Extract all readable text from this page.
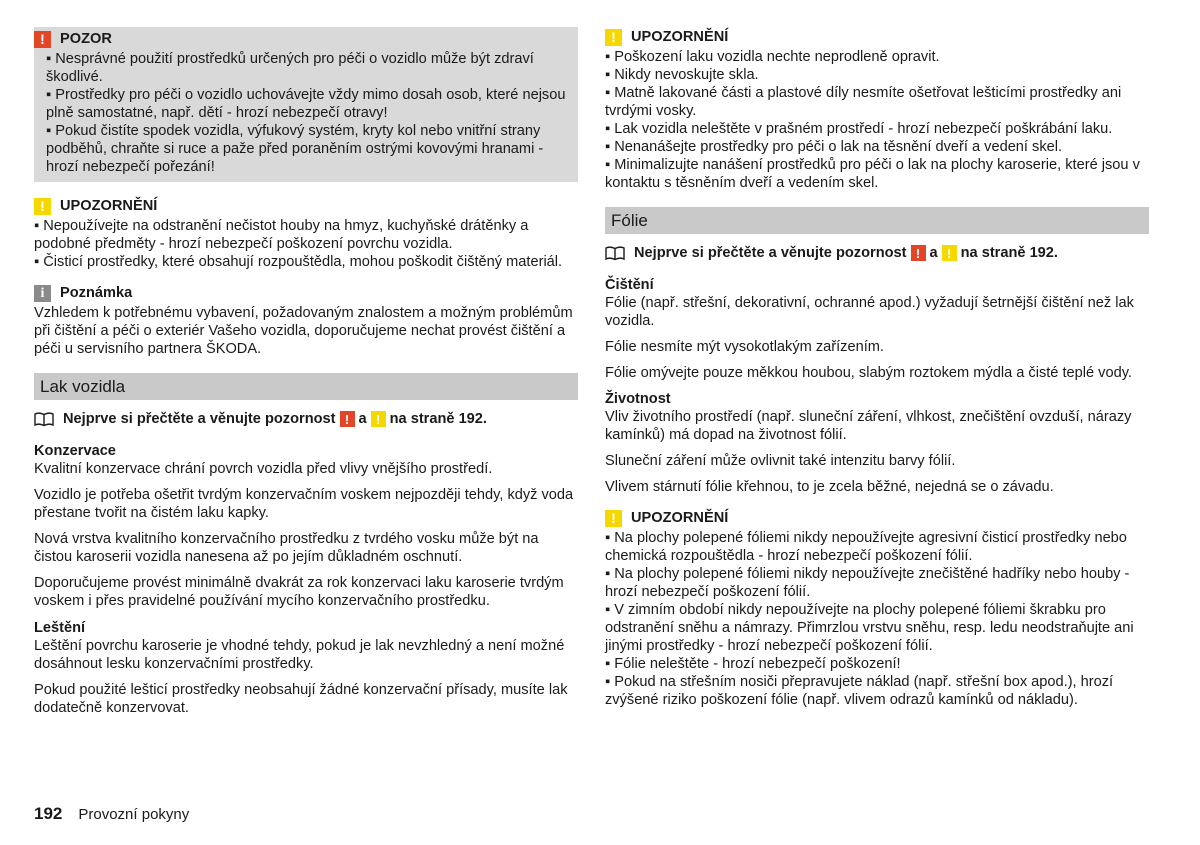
!	POZOR
▪ Nesprávné použití prostředků určených pro péči o vozidlo může být zdraví škodlivé.
▪ Prostředky pro péči o vozidlo uchovávejte vždy mimo dosah osob, které nejsou plně samostatné, např. dětí - hrozí nebezpečí otravy!
▪ Pokud čistíte spodek vozidla, výfukový systém, kryty kol nebo vnitřní strany podběhů, chraňte si ruce a paže před poraněním ostrými kovovými hranami - hrozí nebezpečí pořezání!
!	UPOZORNĚNÍ
▪ Nepoužívejte na odstranění nečistot houby na hmyz, kuchyňské drátěnky a podobné předměty - hrozí nebezpečí poškození povrchu vozidla.
▪ Čisticí prostředky, které obsahují rozpouštědla, mohou poškodit čištěný materiál.
i	Poznámka

Vzhledem k potřebnému vybavení, požadovaným znalostem a možným problémům při čištění a péči o exteriér Vašeho vozidla, doporučujeme nechat provést čištění a péči u servisního partnera ŠKODA.

Lak vozidla
Nejprve si přečtěte a věnujte pozornost ! a ! na straně 192.

Konzervace

Kvalitní konzervace chrání povrch vozidla před vlivy vnějšího prostředí.

Vozidlo je potřeba ošetřit tvrdým konzervačním voskem nejpozději tehdy, když voda přestane tvořit na čistém laku kapky.

Nová vrstva kvalitního konzervačního prostředku z tvrdého vosku může být na čistou karoserii vozidla nanesena až po jejím důkladném oschnutí.

Doporučujeme provést minimálně dvakrát za rok konzervaci laku karoserie tvrdým voskem i přes pravidelné používání mycího konzervačního prostředku.

Leštění

Leštění povrchu karoserie je vhodné tehdy, pokud je lak nevzhledný a není možné dosáhnout lesku konzervačními prostředky.

Pokud použité lešticí prostředky neobsahují žádné konzervační přísady, musíte lak dodatečně konzervovat.

!	UPOZORNĚNÍ
▪ Poškození laku vozidla nechte neprodleně opravit.
▪ Nikdy nevoskujte skla.
▪ Matně lakované části a plastové díly nesmíte ošetřovat lešticími prostředky ani tvrdými vosky.
▪ Lak vozidla neleštěte v prašném prostředí - hrozí nebezpečí poškrábání laku.
▪ Nenanášejte prostředky pro péči o lak na těsnění dveří a vedení skel.
▪ Minimalizujte nanášení prostředků pro péči o lak na plochy karoserie, které jsou v kontaktu s těsněním dveří a vedením skel.
Fólie
Nejprve si přečtěte a věnujte pozornost ! a ! na straně 192.

Čištění

Fólie (např. střešní, dekorativní, ochranné apod.) vyžadují šetrnější čištění než lak vozidla.

Fólie nesmíte mýt vysokotlakým zařízením.

Fólie omývejte pouze měkkou houbou, slabým roztokem mýdla a čisté teplé vody.

Životnost

Vliv životního prostředí (např. sluneční záření, vlhkost, znečištění ovzduší, nárazy kamínků) má dopad na životnost fólií.

Sluneční záření může ovlivnit také intenzitu barvy fólií.

Vlivem stárnutí fólie křehnou, to je zcela běžné, nejedná se o závadu.

!	UPOZORNĚNÍ
▪ Na plochy polepené fóliemi nikdy nepoužívejte agresivní čisticí prostředky nebo chemická rozpouštědla - hrozí nebezpečí poškození fólií.
▪ Na plochy polepené fóliemi nikdy nepoužívejte znečištěné hadříky nebo houby - hrozí nebezpečí poškození fólií.
▪ V zimním období nikdy nepoužívejte na plochy polepené fóliemi škrabku pro odstranění sněhu a námrazy. Přimrzlou vrstvu sněhu, resp. ledu neodstraňujte ani jinými prostředky - hrozí nebezpečí poškození fólií.
▪ Fólie neleštěte - hrozí nebezpečí poškození!
▪ Pokud na střešním nosiči přepravujete náklad (např. střešní box apod.), hrozí zvýšené riziko poškození fólie (např. vlivem odrazů kamínků od nákladu).
192 Provozní pokyny
